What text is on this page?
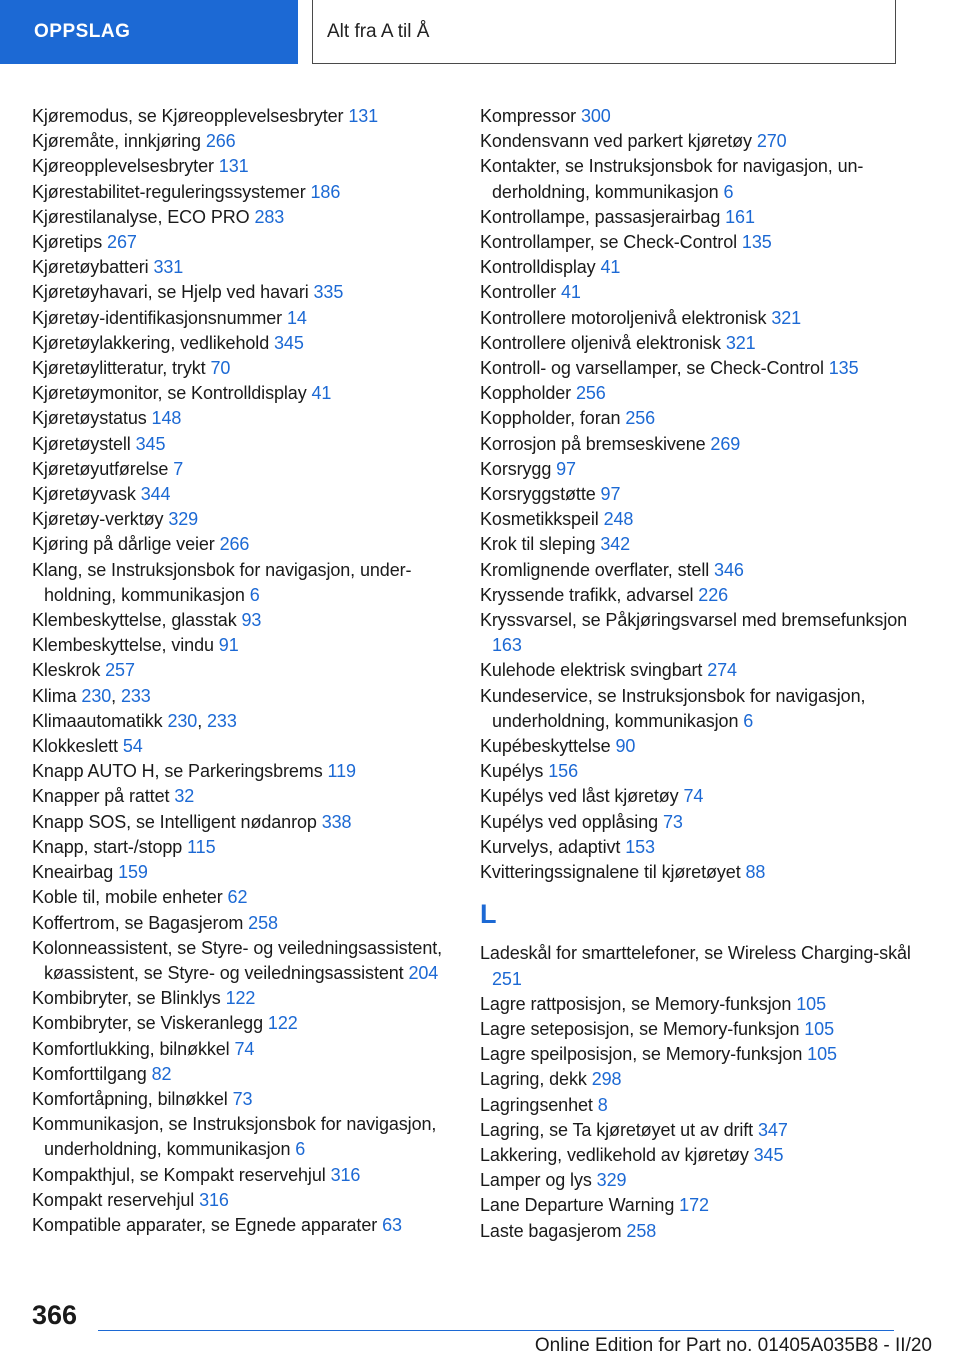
OPPSLAG	Alt fra A til Å
Kjøremodus, se Kjøreopplevelsesbryter 131
Kjøremåte, innkjøring 266
Kjøreopplevelsesbryter 131
Kjørestabilitet-reguleringssystemer 186
Kjørestilanalyse, ECO PRO 283
Kjøretips 267
Kjøretøybatteri 331
Kjøretøyhavari, se Hjelp ved havari 335
Kjøretøy-identifikasjonsnummer 14
Kjøretøylakkering, vedlikehold 345
Kjøretøylitteratur, trykt 70
Kjøretøymonitor, se Kontrolldisplay 41
Kjøretøystatus 148
Kjøretøystell 345
Kjøretøyutførelse 7
Kjøretøyvask 344
Kjøretøy-verktøy 329
Kjøring på dårlige veier 266
Klang, se Instruksjonsbok for navigasjon, underholdning, kommunikasjon 6
Klembeskyttelse, glasstak 93
Klembeskyttelse, vindu 91
Kleskrok 257
Klima 230, 233
Klimaautomatikk 230, 233
Klokkeslett 54
Knapp AUTO H, se Parkeringsbrems 119
Knapper på rattet 32
Knapp SOS, se Intelligent nødanrop 338
Knapp, start-/stopp 115
Kneairbag 159
Koble til, mobile enheter 62
Koffertrom, se Bagasjerom 258
Kolonneassistent, se Styre- og veiledningsassistent, køassistent, se Styre- og veiledningsassistent 204
Kombibryter, se Blinklys 122
Kombibryter, se Viskeranlegg 122
Komfortlukking, bilnøkkel 74
Komforttilgang 82
Komfortåpning, bilnøkkel 73
Kommunikasjon, se Instruksjonsbok for navigasjon, underholdning, kommunikasjon 6
Kompakthjul, se Kompakt reservehjul 316
Kompakt reservehjul 316
Kompatible apparater, se Egnede apparater 63
Kompressor 300
Kondensvann ved parkert kjøretøy 270
Kontakter, se Instruksjonsbok for navigasjon, underholdning, kommunikasjon 6
Kontrollampe, passasjerairbag 161
Kontrollamper, se Check-Control 135
Kontrolldisplay 41
Kontroller 41
Kontrollere motoroljenivå elektronisk 321
Kontrollere oljenivå elektronisk 321
Kontroll- og varsellamper, se Check-Control 135
Koppholder 256
Koppholder, foran 256
Korrosjon på bremseskivene 269
Korsrygg 97
Korsryggstøtte 97
Kosmetikkspeil 248
Krok til sleping 342
Kromlignende overflater, stell 346
Kryssende trafikk, advarsel 226
Kryssvarsel, se Påkjøringsvarsel med bremsefunksjon 163
Kulehode elektrisk svingbart 274
Kundeservice, se Instruksjonsbok for navigasjon, underholdning, kommunikasjon 6
Kupébeskyttelse 90
Kupélys 156
Kupélys ved låst kjøretøy 74
Kupélys ved opplåsing 73
Kurvelys, adaptivt 153
Kvitteringssignalene til kjøretøyet 88
L
Ladeskål for smarttelefoner, se Wireless Charging-skål 251
Lagre rattposisjon, se Memory-funksjon 105
Lagre seteposisjon, se Memory-funksjon 105
Lagre speilposisjon, se Memory-funksjon 105
Lagring, dekk 298
Lagringsenhet 8
Lagring, se Ta kjøretøyet ut av drift 347
Lakkering, vedlikehold av kjøretøy 345
Lamper og lys 329
Lane Departure Warning 172
Laste bagasjerom 258
366
Online Edition for Part no. 01405A035B8 - II/20
